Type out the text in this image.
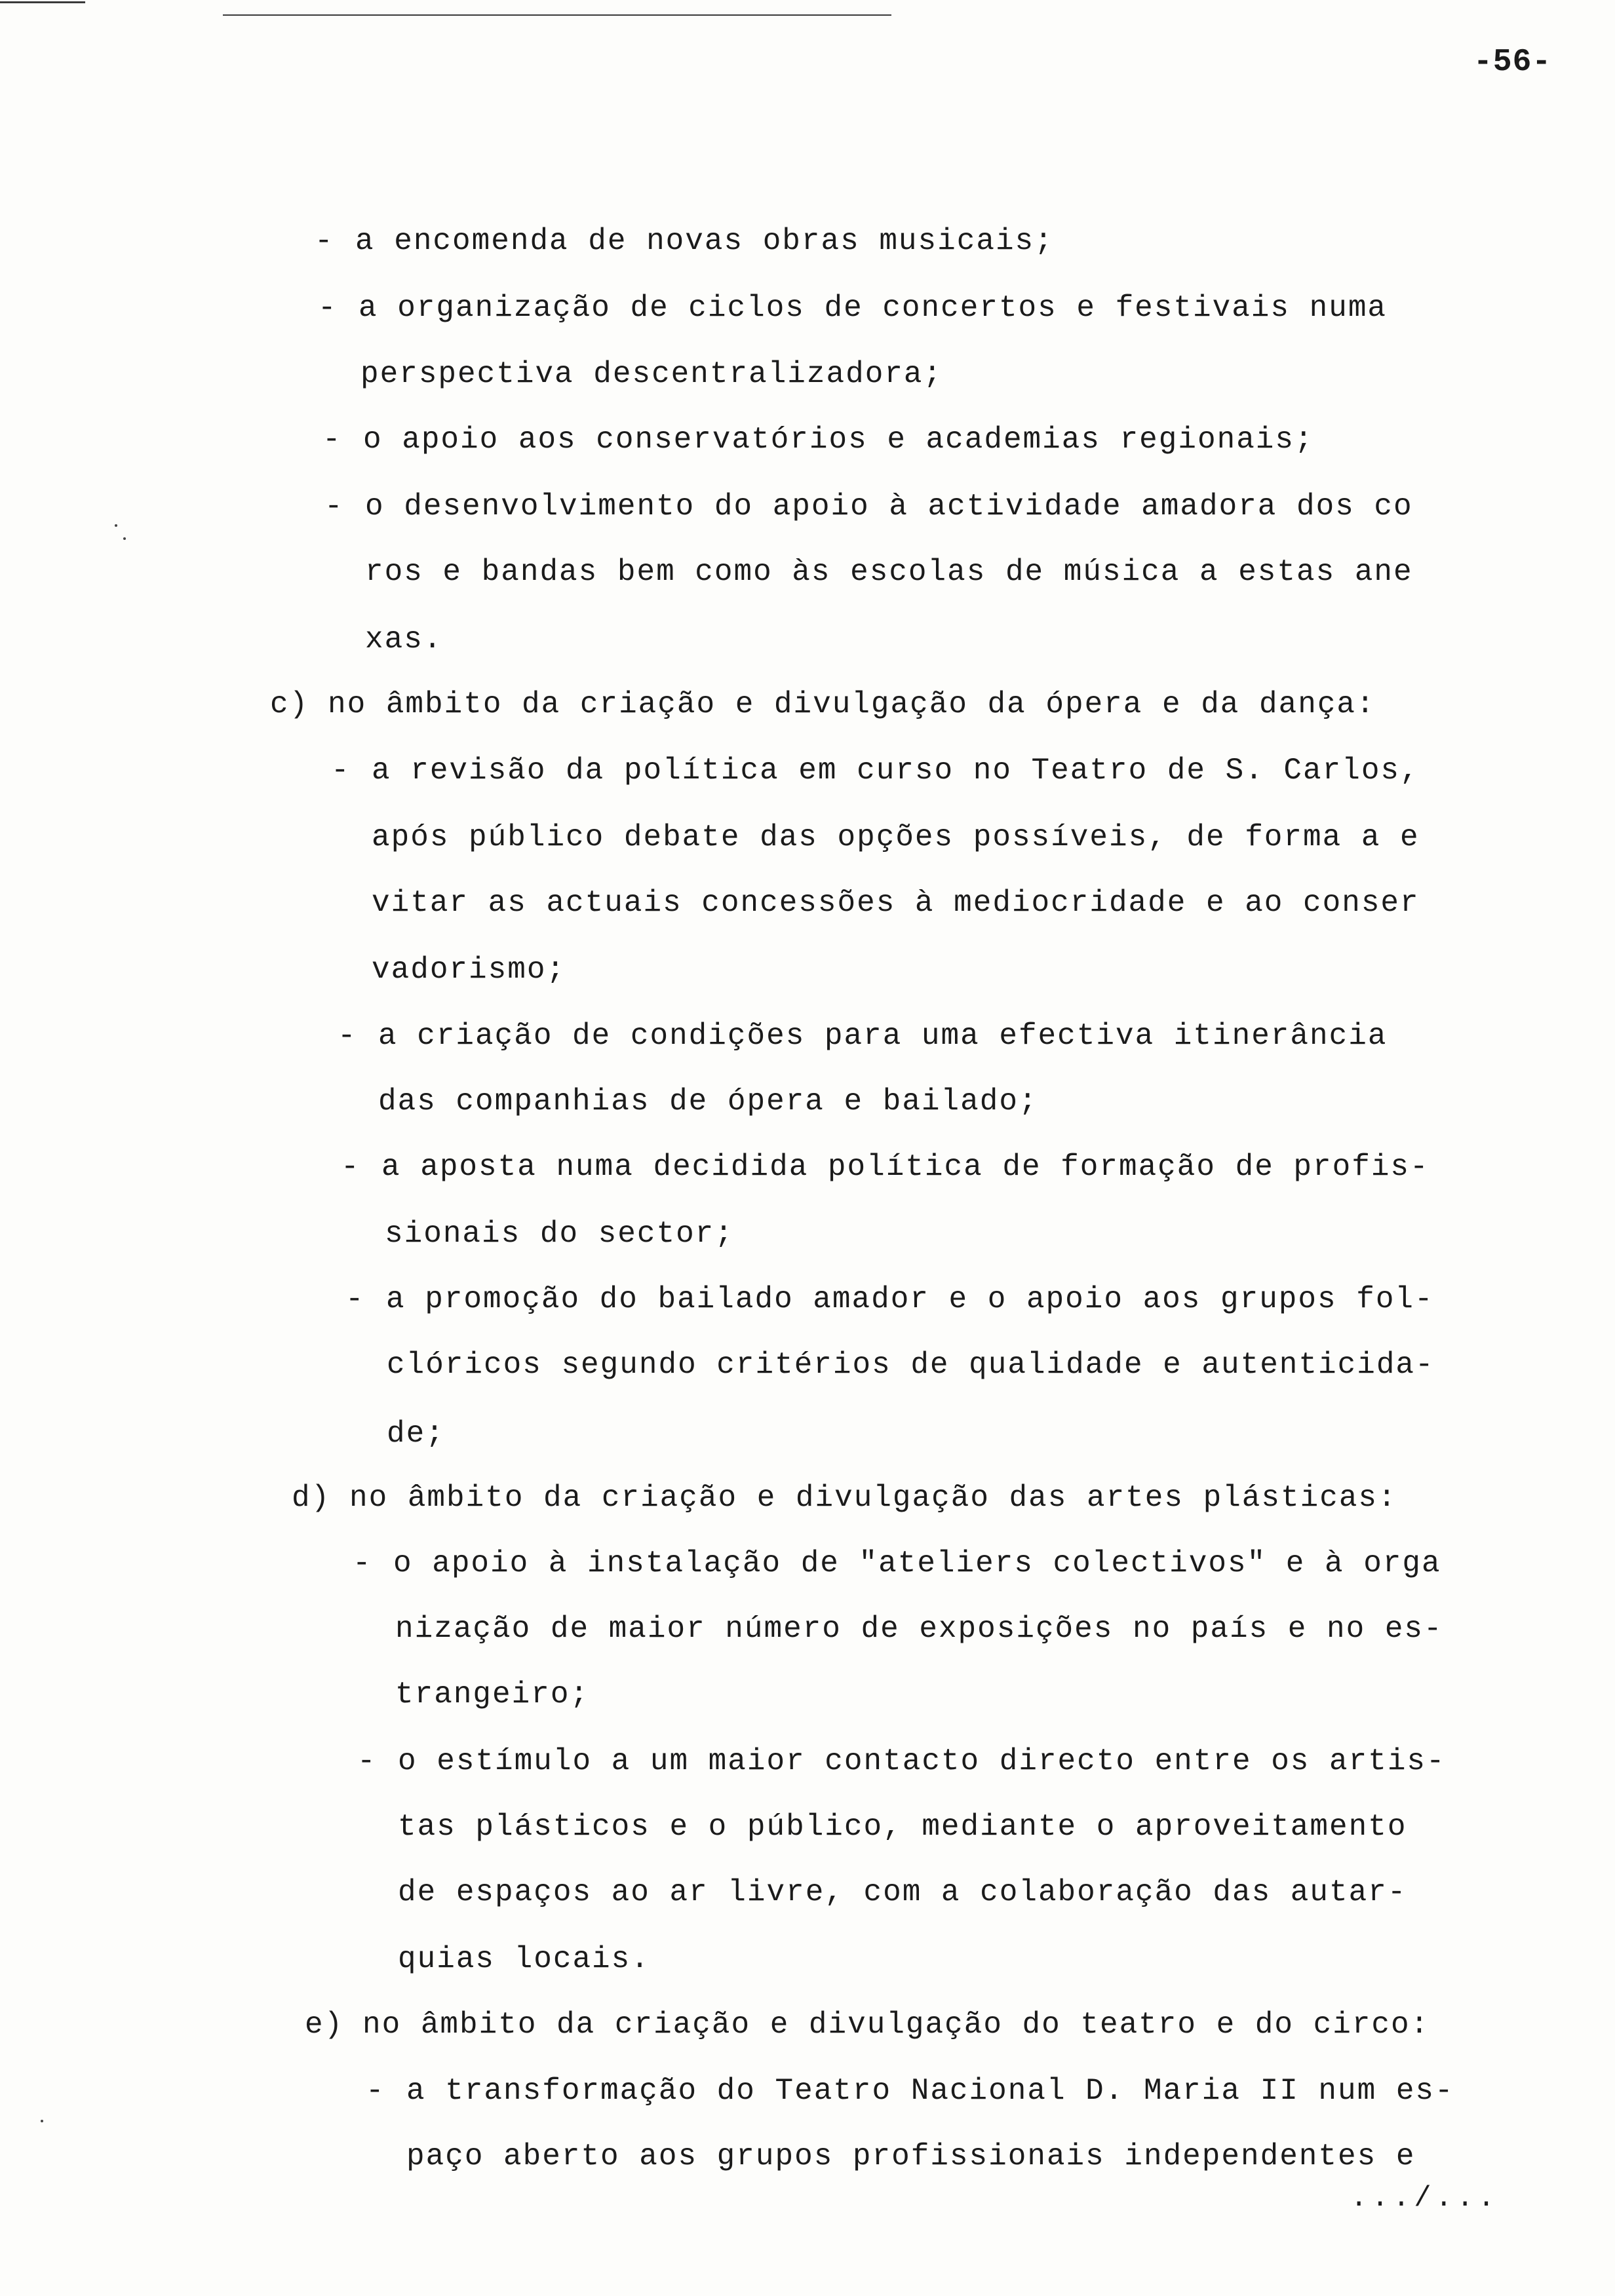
-56-
- a encomenda de novas obras musicais;
- a organização de ciclos de concertos e festivais numa
perspectiva descentralizadora;
- o apoio aos conservatórios e academias regionais;
- o desenvolvimento do apoio à actividade amadora dos co
ros e bandas bem como às escolas de música a estas ane
xas.
c) no âmbito da criação e divulgação da ópera e da dança:
- a revisão da política em curso no Teatro de S. Carlos,
após público debate das opções possíveis, de forma a e
vitar as actuais concessões à mediocridade e ao conser
vadorismo;
- a criação de condições para uma efectiva itinerância
das companhias de ópera e bailado;
- a aposta numa decidida política de formação de profis-
sionais do sector;
- a promoção do bailado amador e o apoio aos grupos fol-
clóricos segundo critérios de qualidade e autenticida-
de;
d) no âmbito da criação e divulgação das artes plásticas:
- o apoio à instalação de "ateliers colectivos" e à orga
nização de maior número de exposições no país e no es-
trangeiro;
- o estímulo a um maior contacto directo entre os artis-
tas plásticos e o público, mediante o aproveitamento
de espaços ao ar livre, com a colaboração das autar-
quias locais.
e) no âmbito da criação e divulgação do teatro e do circo:
- a transformação do Teatro Nacional D. Maria II num es-
paço aberto aos grupos profissionais independentes e
.../...
